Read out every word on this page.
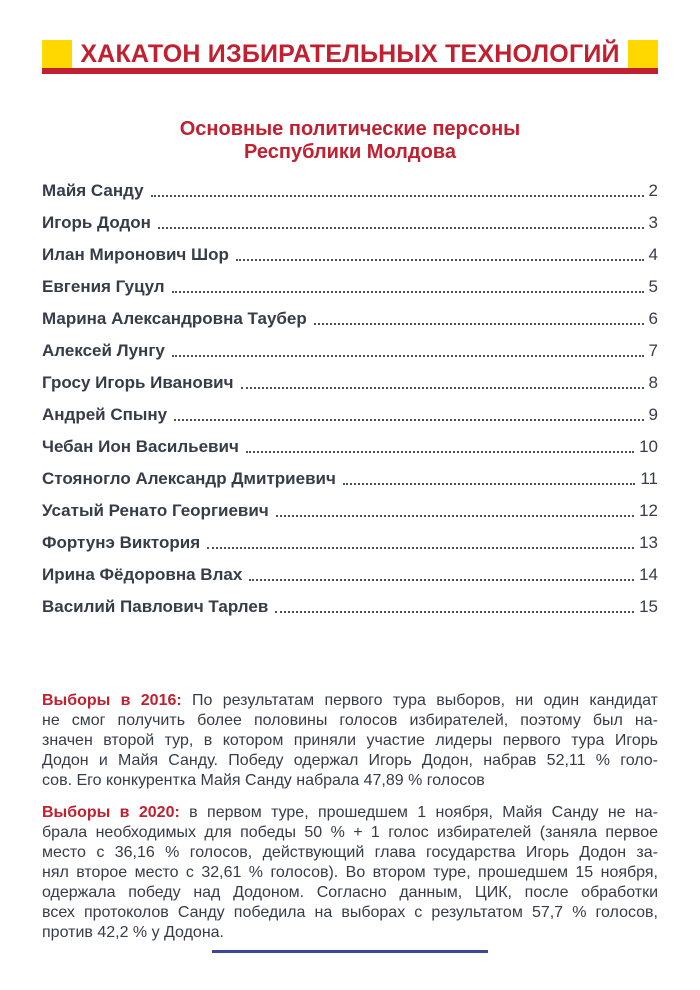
ХАКАТОН ИЗБИРАТЕЛЬНЫХ ТЕХНОЛОГИЙ
Основные политические персоны
Республики Молдова
Майя Санду	2
Игорь Додон	3
Илан Миронович Шор	4
Евгения Гуцул	5
Марина Александровна Таубер	6
Алексей Лунгу	7
Гросу Игорь Иванович	8
Андрей Спыну	9
Чебан Ион Васильевич	10
Стояногло Александр Дмитриевич	11
Усатый Ренато Георгиевич	12
Фортунэ Виктория	13
Ирина Фёдоровна Влах	14
Василий Павлович Тарлев	15
Выборы в 2016: По результатам первого тура выборов, ни один кандидат
не смог получить более половины голосов избирателей, поэтому был на-
значен второй тур, в котором приняли участие лидеры первого тура Игорь
Додон и Майя Санду. Победу одержал Игорь Додон, набрав 52,11 % голо-
сов. Его конкурентка Майя Санду набрала 47,89 % голосов
Выборы в 2020: в первом туре, прошедшем 1 ноября, Майя Санду не на-
брала необходимых для победы 50 % + 1 голос избирателей (заняла первое
место с 36,16 % голосов, действующий глава государства Игорь Додон за-
нял второе место с 32,61 % голосов). Во втором туре, прошедшем 15 ноября,
одержала победу над Додоном. Согласно данным, ЦИК, после обработки
всех протоколов Санду победила на выборах с результатом 57,7 % голосов,
против 42,2 % у Додона.
